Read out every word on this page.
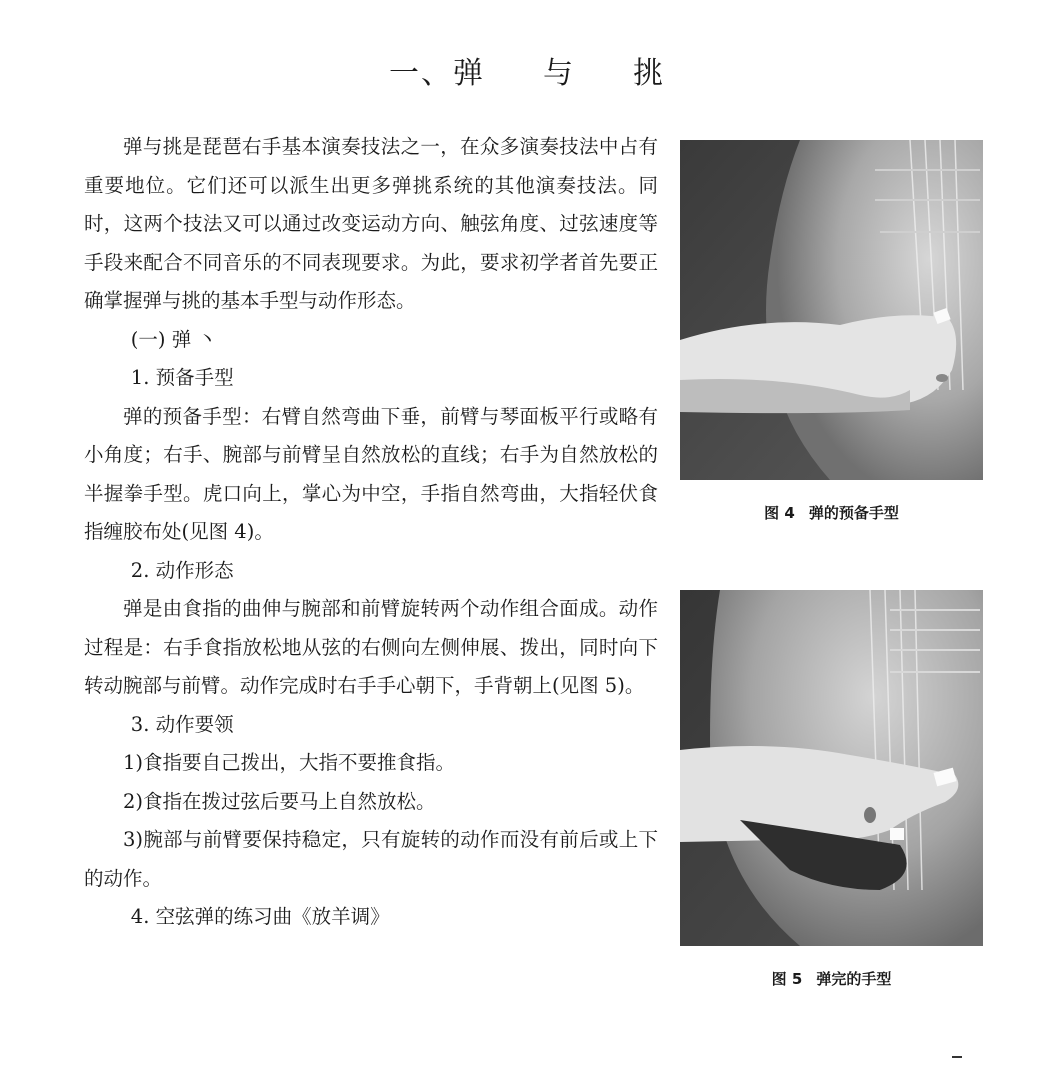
一、弹 与 挑

弹与挑是琵琶右手基本演奏技法之一，在众多演奏技法中占有重要地位。它们还可以派生出更多弹挑系统的其他演奏技法。同时，这两个技法又可以通过改变运动方向、触弦角度、过弦速度等手段来配合不同音乐的不同表现要求。为此，要求初学者首先要正确掌握弹与挑的基本手型与动作形态。

(一) 弹 丶

1. 预备手型

弹的预备手型：右臂自然弯曲下垂，前臂与琴面板平行或略有小角度；右手、腕部与前臂呈自然放松的直线；右手为自然放松的半握拳手型。虎口向上，掌心为中空，手指自然弯曲，大指轻伏食指缠胶布处(见图 4)。

2. 动作形态

弹是由食指的曲伸与腕部和前臂旋转两个动作组合面成。动作过程是：右手食指放松地从弦的右侧向左侧伸展、拨出，同时向下转动腕部与前臂。动作完成时右手手心朝下，手背朝上(见图 5)。

3. 动作要领

1)食指要自己拨出，大指不要推食指。

2)食指在拨过弦后要马上自然放松。

3)腕部与前臂要保持稳定，只有旋转的动作而没有前后或上下的动作。

4. 空弦弹的练习曲《放羊调》

图 4 弹的预备手型
图 5 弹完的手型
